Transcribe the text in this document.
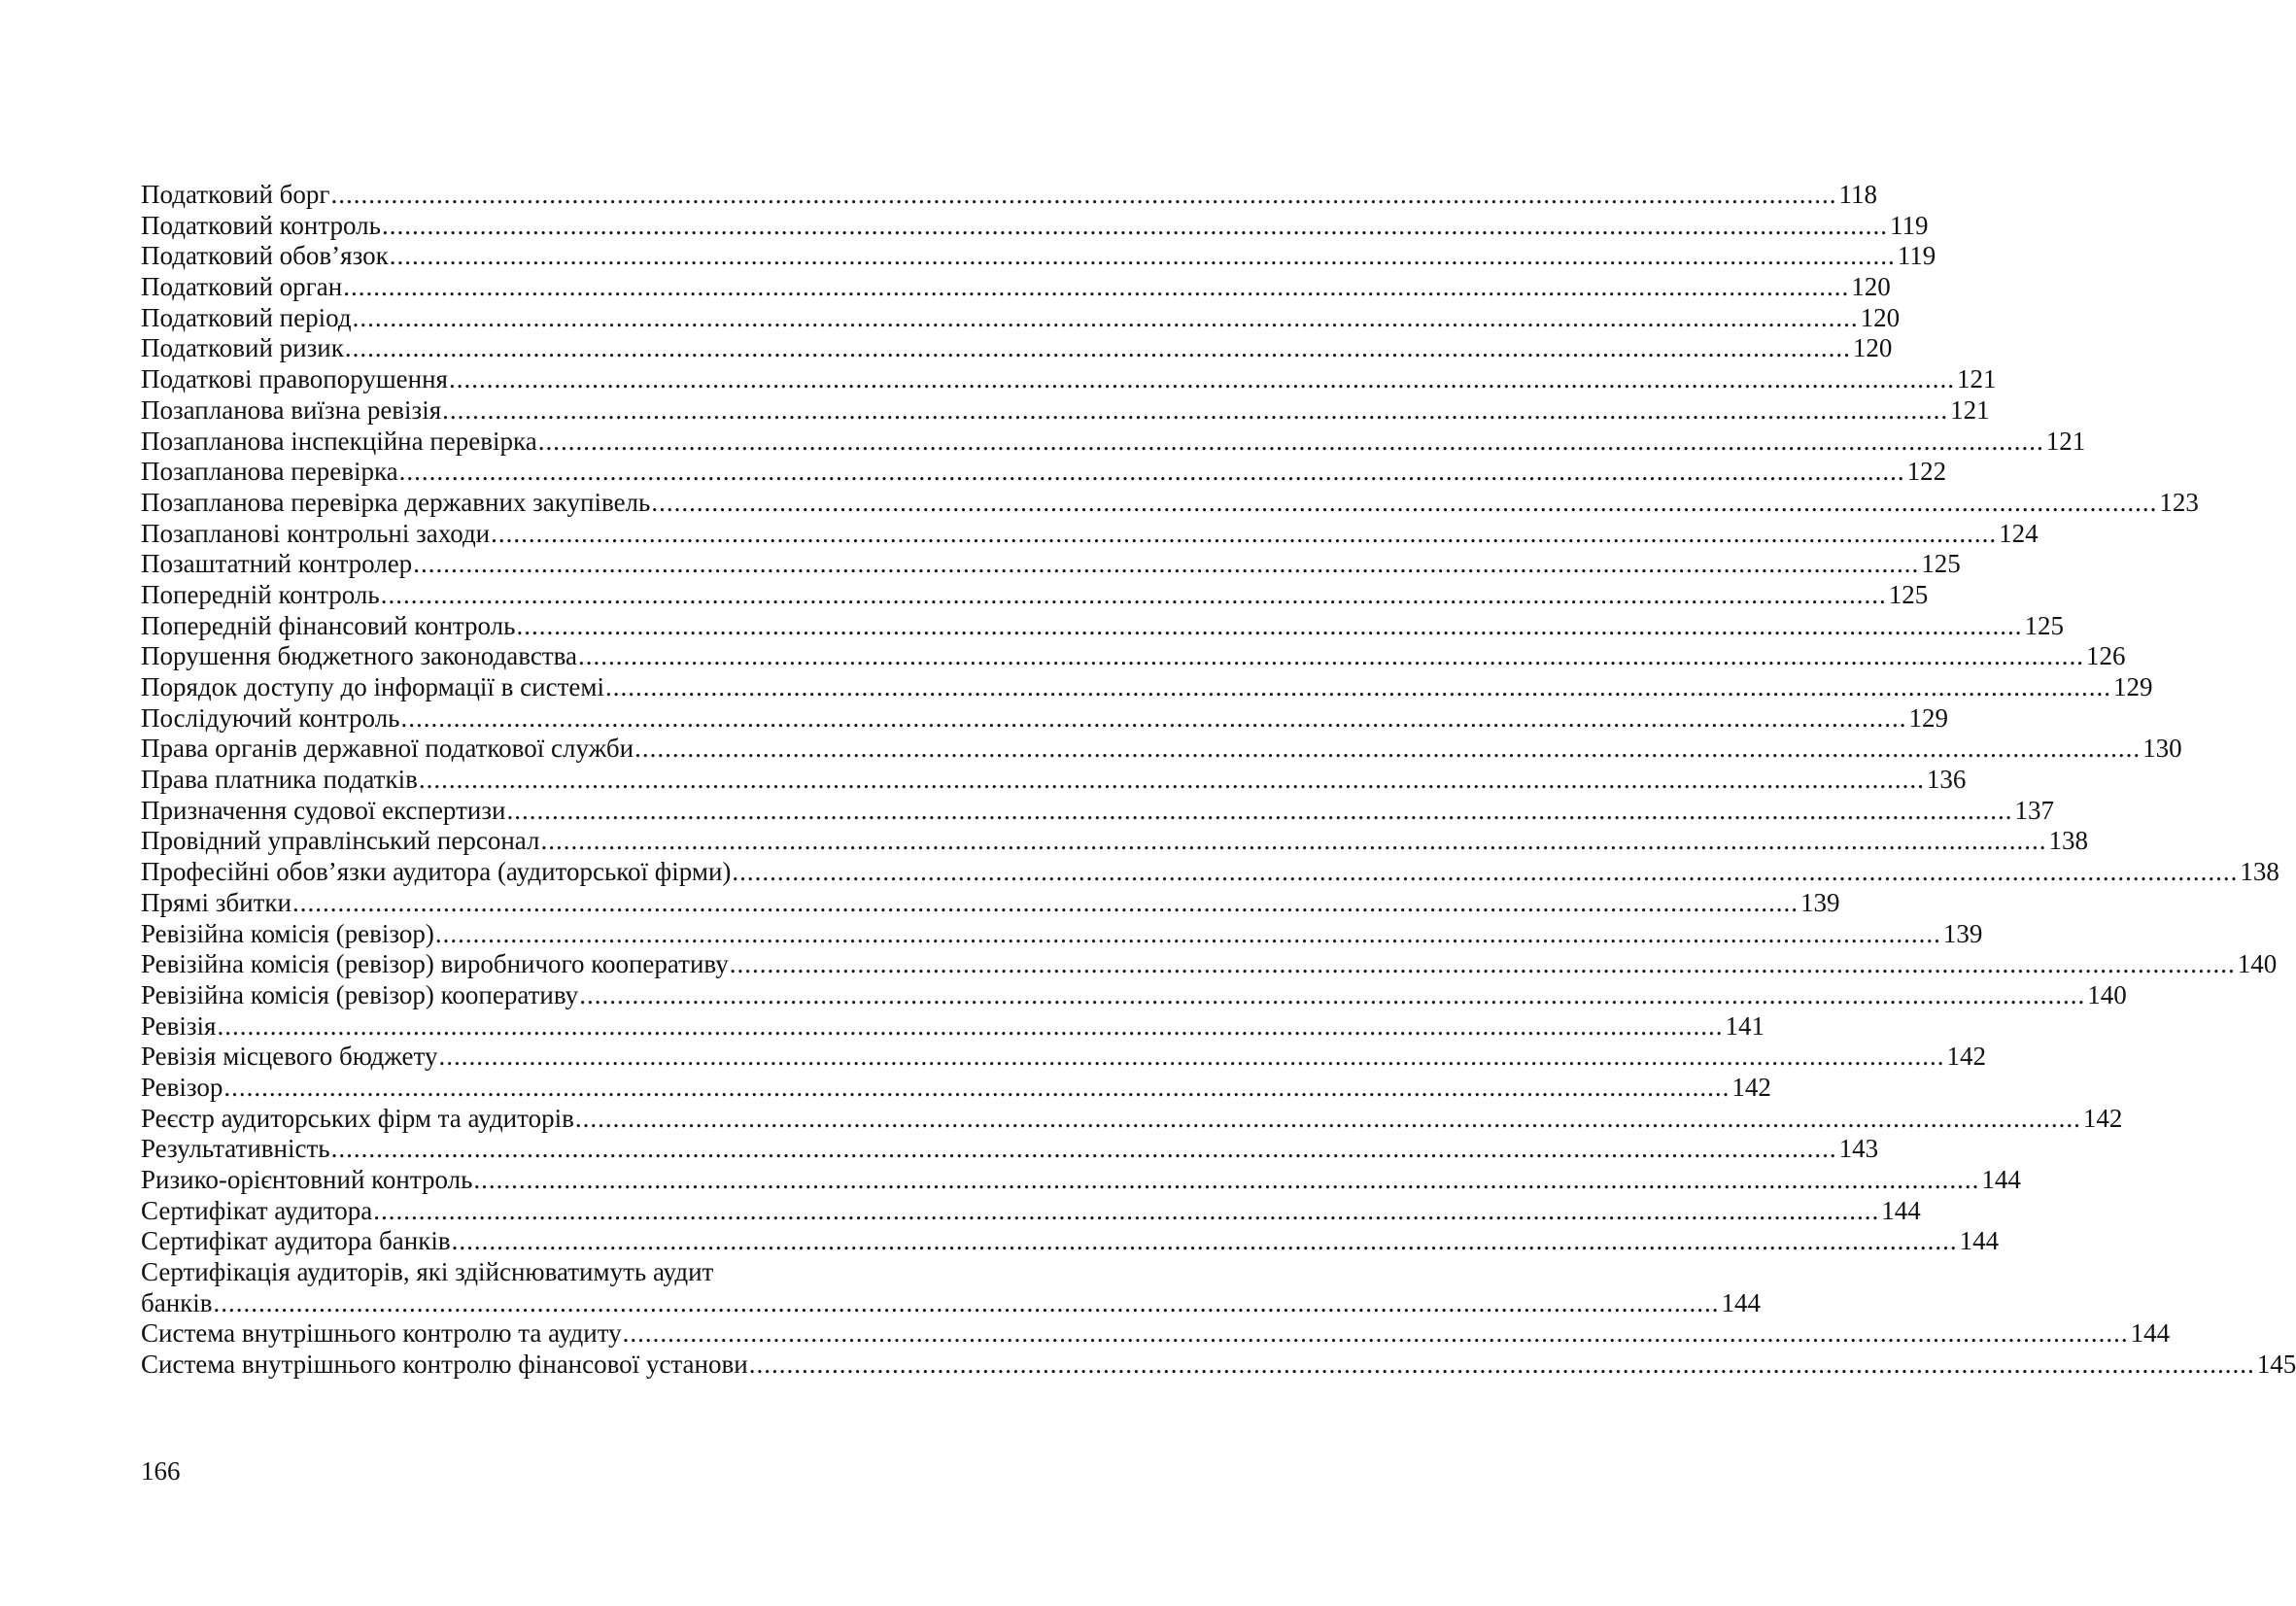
Податковий борг ........................................................................................................................................................................................................ 118
Податковий контроль ........................................................................................................................................................................................................ 119
Податковий обов’язок ........................................................................................................................................................................................................ 119
Податковий орган ........................................................................................................................................................................................................ 120
Податковий період ........................................................................................................................................................................................................ 120
Податковий ризик ........................................................................................................................................................................................................ 120
Податкові правопорушення ........................................................................................................................................................................................................ 121
Позапланова виїзна ревізія ........................................................................................................................................................................................................ 121
Позапланова інспекційна перевірка ........................................................................................................................................................................................................ 121
Позапланова перевірка ........................................................................................................................................................................................................ 122
Позапланова перевірка державних закупівель ........................................................................................................................................................................................................ 123
Позапланові контрольні заходи ........................................................................................................................................................................................................ 124
Позаштатний контролер ........................................................................................................................................................................................................ 125
Попередній контроль ........................................................................................................................................................................................................ 125
Попередній фінансовий контроль ........................................................................................................................................................................................................ 125
Порушення бюджетного законодавства ........................................................................................................................................................................................................ 126
Порядок доступу до інформації в системі ........................................................................................................................................................................................................ 129
Послідуючий контроль ........................................................................................................................................................................................................ 129
Права органів державної податкової служби ........................................................................................................................................................................................................ 130
Права платника податків ........................................................................................................................................................................................................ 136
Призначення судової експертизи ........................................................................................................................................................................................................ 137
Провідний управлінський персонал ........................................................................................................................................................................................................ 138
Професійні обов’язки аудитора (аудиторської фірми) ........................................................................................................................................................................................................ 138
Прямі збитки ........................................................................................................................................................................................................ 139
Ревізійна комісія (ревізор) ........................................................................................................................................................................................................ 139
Ревізійна комісія (ревізор) виробничого кооперативу ........................................................................................................................................................................................................ 140
Ревізійна комісія (ревізор) кооперативу ........................................................................................................................................................................................................ 140
Ревізія ........................................................................................................................................................................................................ 141
Ревізія місцевого бюджету ........................................................................................................................................................................................................ 142
Ревізор ........................................................................................................................................................................................................ 142
Реєстр аудиторських фірм та аудиторів ........................................................................................................................................................................................................ 142
Результативність ........................................................................................................................................................................................................ 143
Ризико-орієнтовний контроль ........................................................................................................................................................................................................ 144
Сертифікат аудитора ........................................................................................................................................................................................................ 144
Сертифікат аудитора банків ........................................................................................................................................................................................................ 144
Сертифікація аудиторів, які здійснюватимуть аудит
банків ........................................................................................................................................................................................................ 144
Система внутрішнього контролю та аудиту ........................................................................................................................................................................................................ 144
Система внутрішнього контролю фінансової установи ........................................................................................................................................................................................................ 145
166
